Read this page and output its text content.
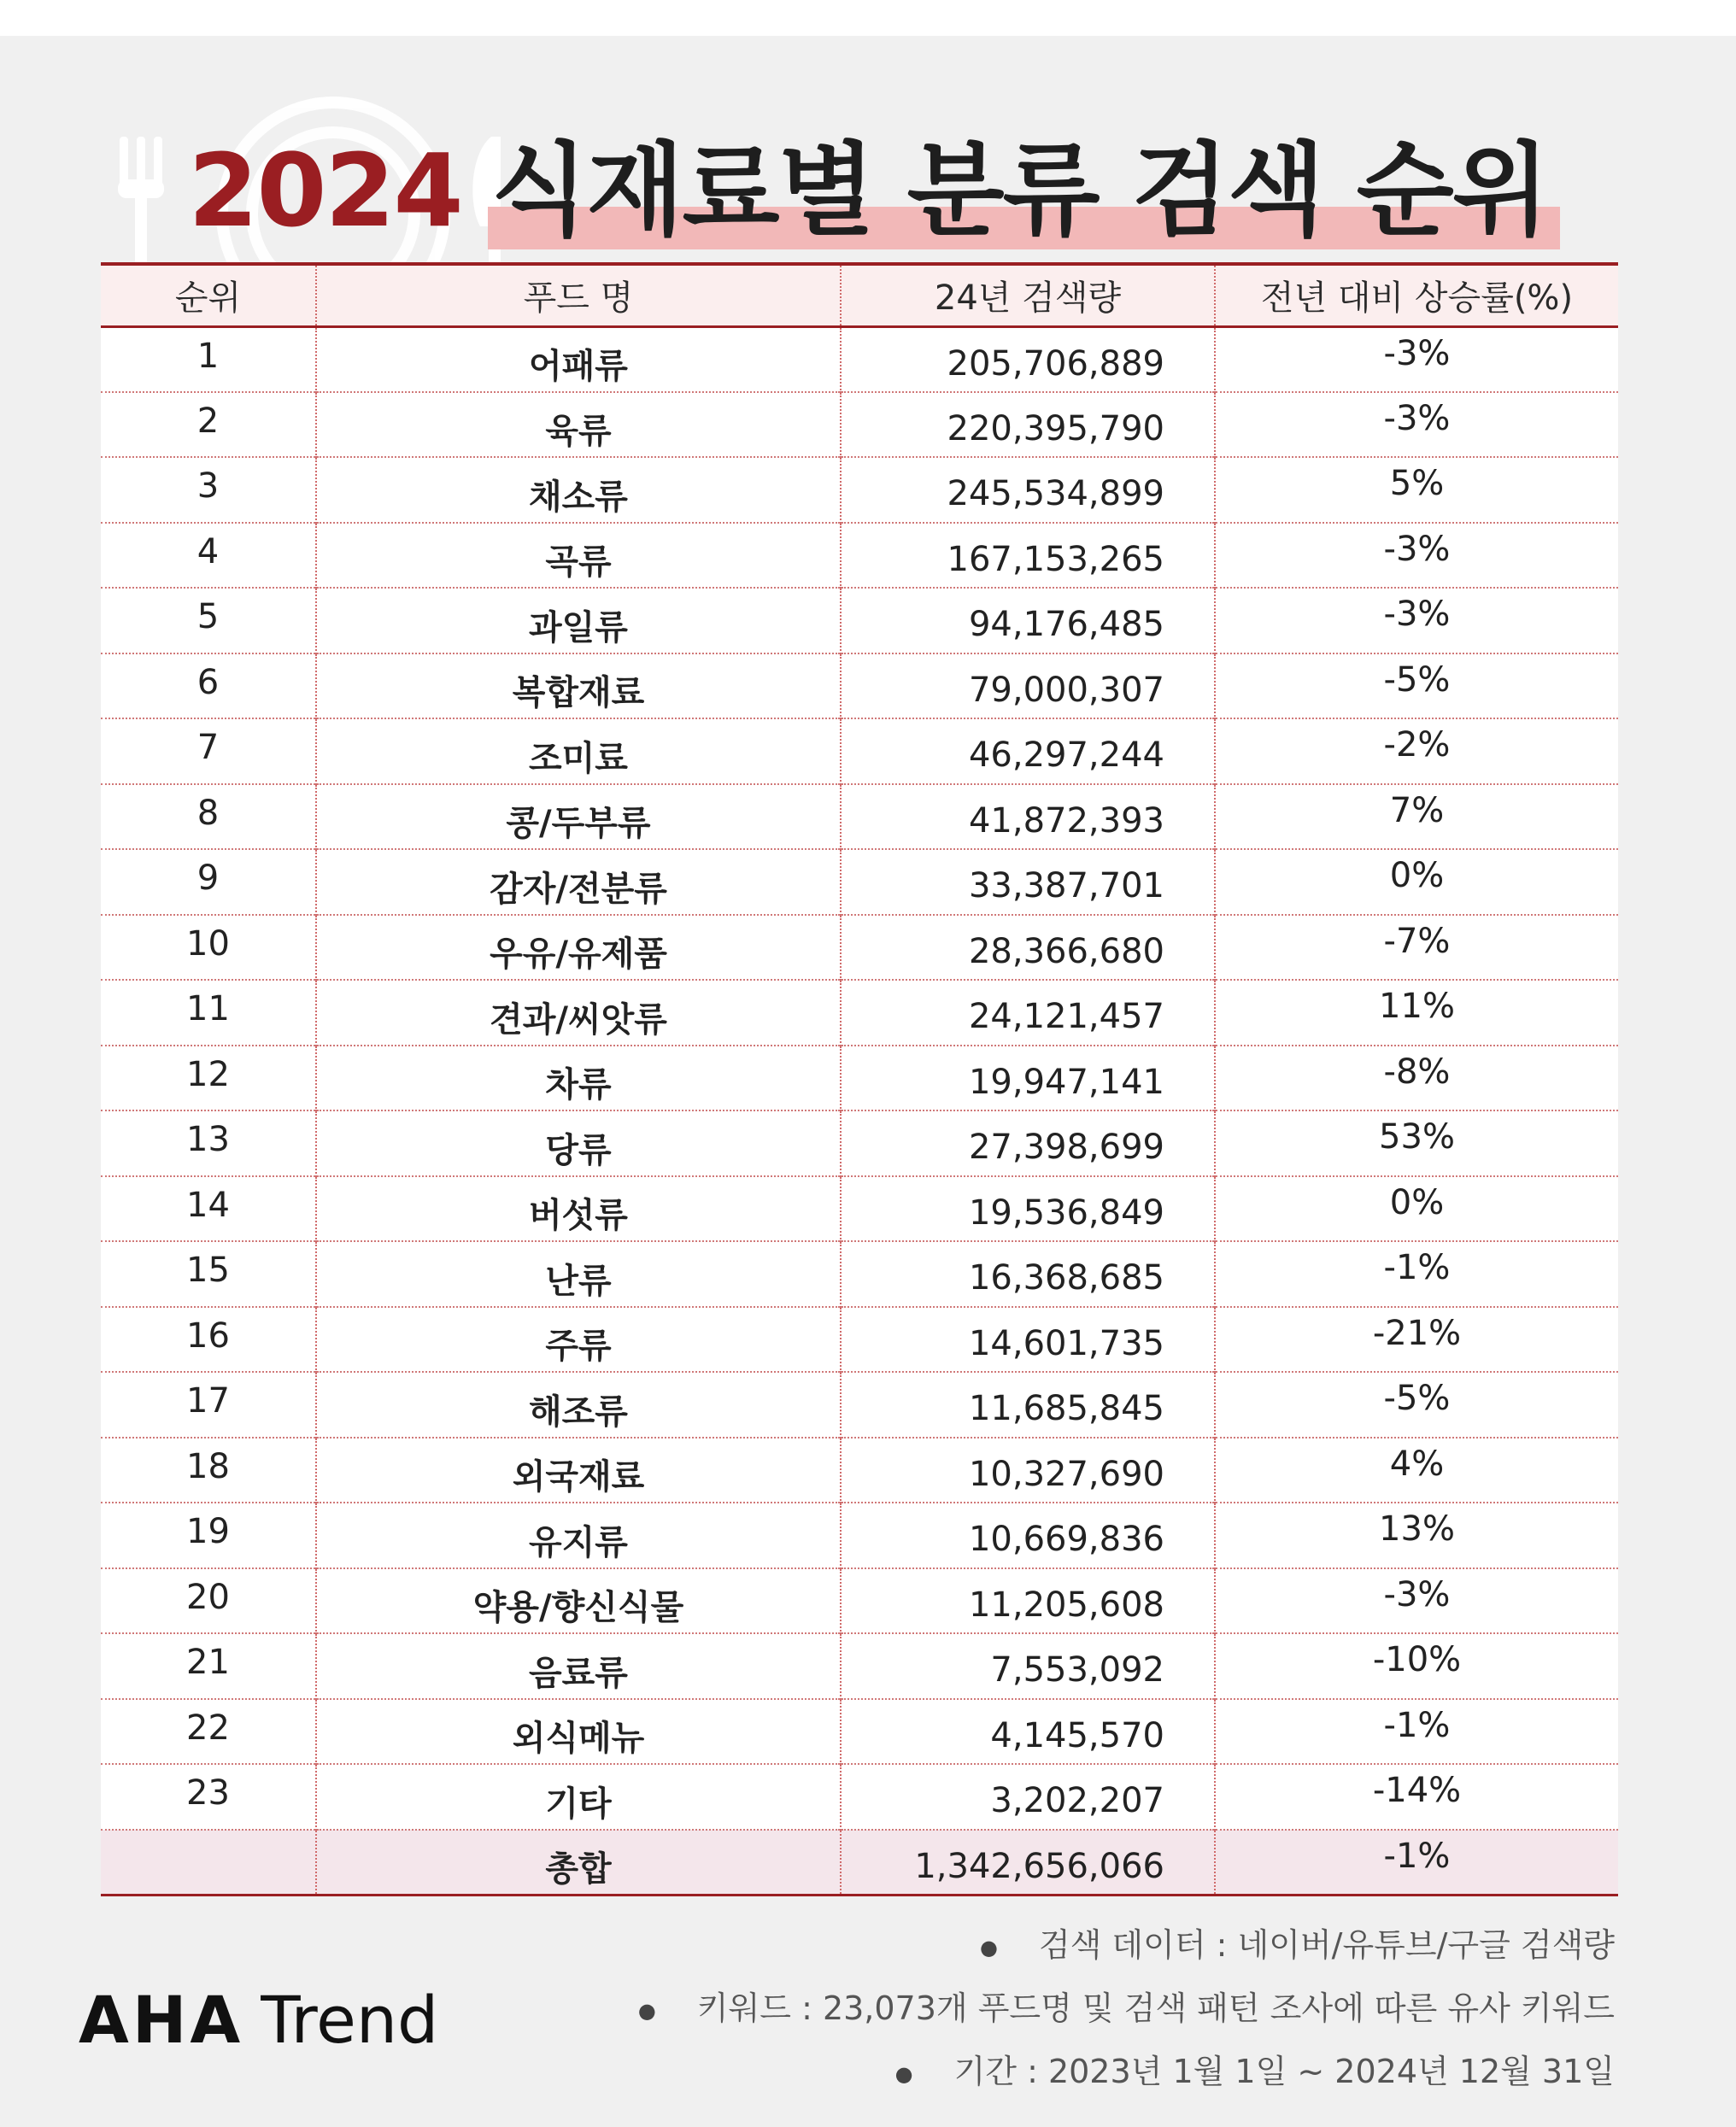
2024 식재료별 분류 검색 순위
순위	푸드 명	24년 검색량	전년 대비 상승률(%)
1	어패류	205,706,889	-3%
2	육류	220,395,790	-3%
3	채소류	245,534,899	5%
4	곡류	167,153,265	-3%
5	과일류	94,176,485	-3%
6	복합재료	79,000,307	-5%
7	조미료	46,297,244	-2%
8	콩/두부류	41,872,393	7%
9	감자/전분류	33,387,701	0%
10	우유/유제품	28,366,680	-7%
11	견과/씨앗류	24,121,457	11%
12	차류	19,947,141	-8%
13	당류	27,398,699	53%
14	버섯류	19,536,849	0%
15	난류	16,368,685	-1%
16	주류	14,601,735	-21%
17	해조류	11,685,845	-5%
18	외국재료	10,327,690	4%
19	유지류	10,669,836	13%
20	약용/향신식물	11,205,608	-3%
21	음료류	7,553,092	-10%
22	외식메뉴	4,145,570	-1%
23	기타	3,202,207	-14%
	총합	1,342,656,066	-1%
● 검색 데이터 : 네이버/유튜브/구글 검색량
● 키워드 : 23,073개 푸드명 및 검색 패턴 조사에 따른 유사 키워드
● 기간 : 2023년 1월 1일 ~ 2024년 12월 31일
AHA Trend
